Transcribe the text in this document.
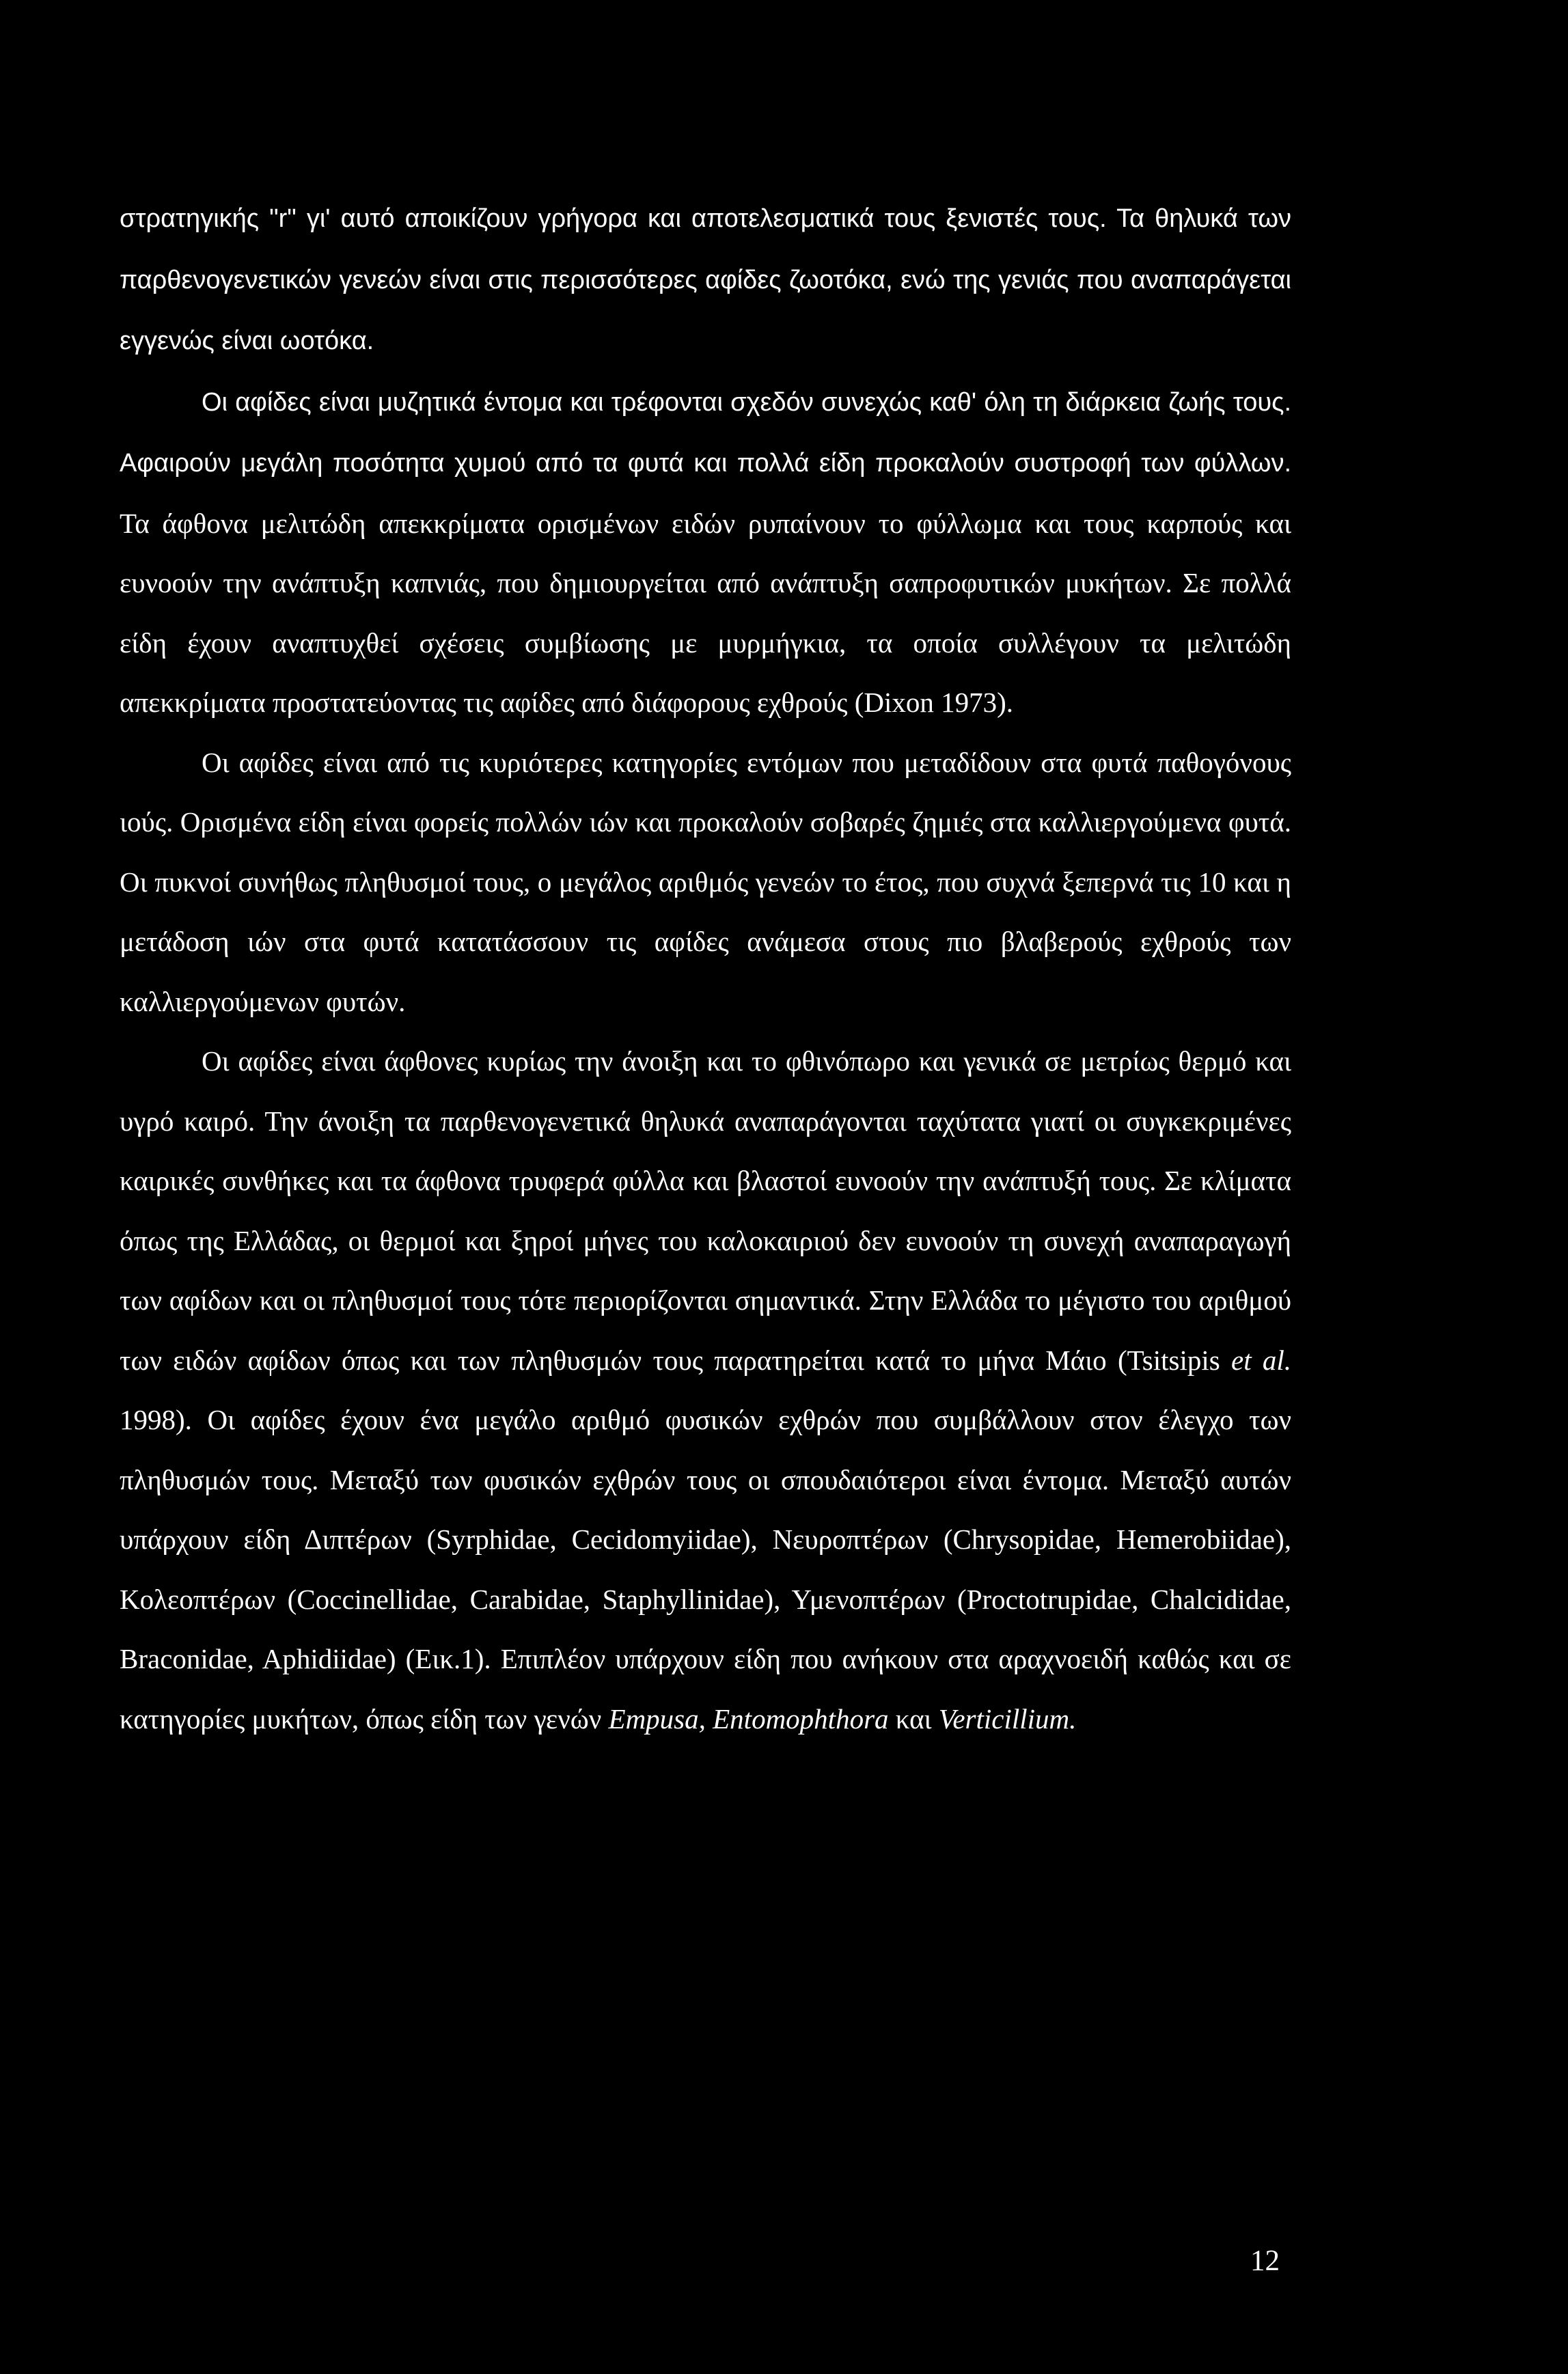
στρατηγικής "r" γι' αυτό αποικίζουν γρήγορα και αποτελεσματικά τους ξενιστές τους. Τα θηλυκά των παρθενογενετικών γενεών είναι στις περισσότερες αφίδες ζωοτόκα, ενώ της γενιάς που αναπαράγεται εγγενώς είναι ωοτόκα.

Οι αφίδες είναι μυζητικά έντομα και τρέφονται σχεδόν συνεχώς καθ' όλη τη διάρκεια ζωής τους. Αφαιρούν μεγάλη ποσότητα χυμού από τα φυτά και πολλά είδη προκαλούν συστροφή των φύλλων. Τα άφθονα μελιτώδη απεκκρίματα ορισμένων ειδών ρυπαίνουν το φύλλωμα και τους καρπούς και ευνοούν την ανάπτυξη καπνιάς, που δημιουργείται από ανάπτυξη σαπροφυτικών μυκήτων. Σε πολλά είδη έχουν αναπτυχθεί σχέσεις συμβίωσης με μυρμήγκια, τα οποία συλλέγουν τα μελιτώδη απεκκρίματα προστατεύοντας τις αφίδες από διάφορους εχθρούς (Dixon 1973).

Οι αφίδες είναι από τις κυριότερες κατηγορίες εντόμων που μεταδίδουν στα φυτά παθογόνους ιούς. Ορισμένα είδη είναι φορείς πολλών ιών και προκαλούν σοβαρές ζημιές στα καλλιεργούμενα φυτά. Οι πυκνοί συνήθως πληθυσμοί τους, ο μεγάλος αριθμός γενεών το έτος, που συχνά ξεπερνά τις 10 και η μετάδοση ιών στα φυτά κατατάσσουν τις αφίδες ανάμεσα στους πιο βλαβερούς εχθρούς των καλλιεργούμενων φυτών.

Οι αφίδες είναι άφθονες κυρίως την άνοιξη και το φθινόπωρο και γενικά σε μετρίως θερμό και υγρό καιρό. Την άνοιξη τα παρθενογενετικά θηλυκά αναπαράγονται ταχύτατα γιατί οι συγκεκριμένες καιρικές συνθήκες και τα άφθονα τρυφερά φύλλα και βλαστοί ευνοούν την ανάπτυξή τους. Σε κλίματα όπως της Ελλάδας, οι θερμοί και ξηροί μήνες του καλοκαιριού δεν ευνοούν τη συνεχή αναπαραγωγή των αφίδων και οι πληθυσμοί τους τότε περιορίζονται σημαντικά. Στην Ελλάδα το μέγιστο του αριθμού των ειδών αφίδων όπως και των πληθυσμών τους παρατηρείται κατά το μήνα Μάιο (Tsitsipis et al. 1998). Οι αφίδες έχουν ένα μεγάλο αριθμό φυσικών εχθρών που συμβάλλουν στον έλεγχο των πληθυσμών τους. Μεταξύ των φυσικών εχθρών τους οι σπουδαιότεροι είναι έντομα. Μεταξύ αυτών υπάρχουν είδη Διπτέρων (Syrphidae, Cecidomyiidae), Νευροπτέρων (Chrysopidae, Hemerobiidae), Κολεοπτέρων (Coccinellidae, Carabidae, Staphyllinidae), Υμενοπτέρων (Proctotrupidae, Chalcididae, Braconidae, Aphidiidae) (Εικ.1). Επιπλέον υπάρχουν είδη που ανήκουν στα αραχνοειδή καθώς και σε κατηγορίες μυκήτων, όπως είδη των γενών Empusa, Entomophthora και Verticillium.

12
